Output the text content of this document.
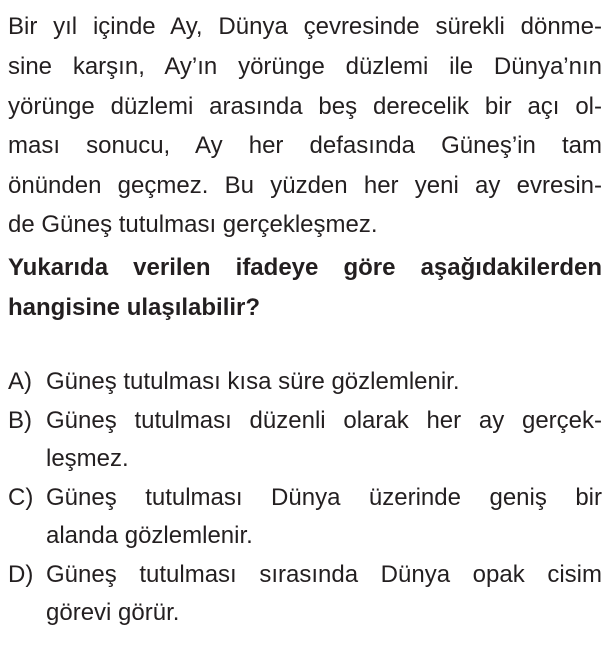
Bir yıl içinde Ay, Dünya çevresinde sürekli dönme-
sine karşın, Ay’ın yörünge düzlemi ile Dünya’nın
yörünge düzlemi arasında beş derecelik bir açı ol-
ması sonucu, Ay her defasında Güneş’in tam
önünden geçmez. Bu yüzden her yeni ay evresin-
de Güneş tutulması gerçekleşmez.
Yukarıda verilen ifadeye göre aşağıdakilerden
hangisine ulaşılabilir?
A) Güneş tutulması kısa süre gözlemlenir.
B) Güneş tutulması düzenli olarak her ay gerçek-
leşmez.
C) Güneş tutulması Dünya üzerinde geniş bir
alanda gözlemlenir.
D) Güneş tutulması sırasında Dünya opak cisim
görevi görür.
